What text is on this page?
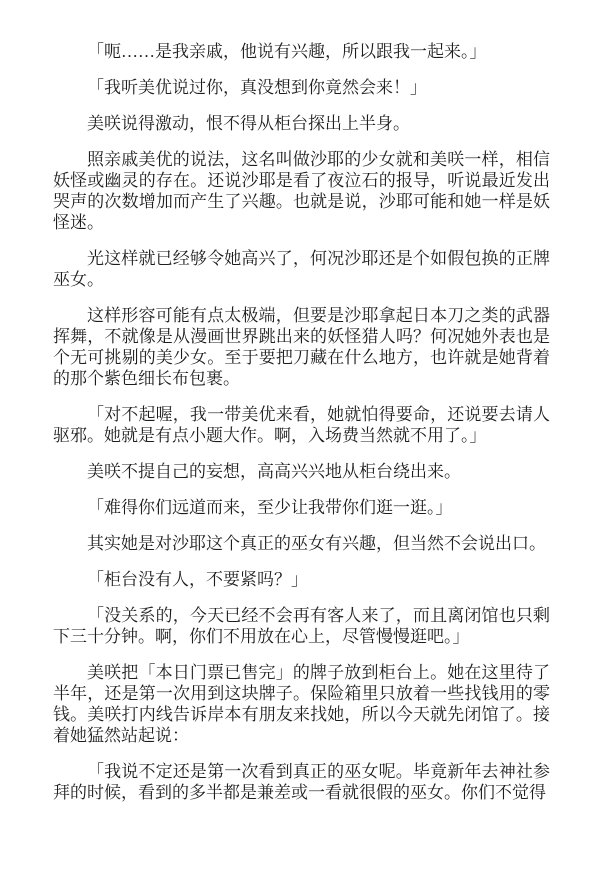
「呃……是我亲戚，他说有兴趣，所以跟我一起来。」

「我听美优说过你，真没想到你竟然会来！」

美咲说得激动，恨不得从柜台探出上半身。

照亲戚美优的说法，这名叫做沙耶的少女就和美咲一样，相信妖怪或幽灵的存在。还说沙耶是看了夜泣石的报导，听说最近发出哭声的次数增加而产生了兴趣。也就是说，沙耶可能和她一样是妖怪迷。

光这样就已经够令她高兴了，何况沙耶还是个如假包换的正牌巫女。

这样形容可能有点太极端，但要是沙耶拿起日本刀之类的武器挥舞，不就像是从漫画世界跳出来的妖怪猎人吗？何况她外表也是个无可挑剔的美少女。至于要把刀藏在什么地方，也许就是她背着的那个紫色细长布包裹。

「对不起喔，我一带美优来看，她就怕得要命，还说要去请人驱邪。她就是有点小题大作。啊，入场费当然就不用了。」

美咲不提自己的妄想，高高兴兴地从柜台绕出来。

「难得你们远道而来，至少让我带你们逛一逛。」

其实她是对沙耶这个真正的巫女有兴趣，但当然不会说出口。

「柜台没有人，不要紧吗？」

「没关系的，今天已经不会再有客人来了，而且离闭馆也只剩下三十分钟。啊，你们不用放在心上，尽管慢慢逛吧。」

美咲把「本日门票已售完」的牌子放到柜台上。她在这里待了半年，还是第一次用到这块牌子。保险箱里只放着一些找钱用的零钱。美咲打内线告诉岸本有朋友来找她，所以今天就先闭馆了。接着她猛然站起说：

「我说不定还是第一次看到真正的巫女呢。毕竟新年去神社参拜的时候，看到的多半都是兼差或一看就很假的巫女。你们不觉得
